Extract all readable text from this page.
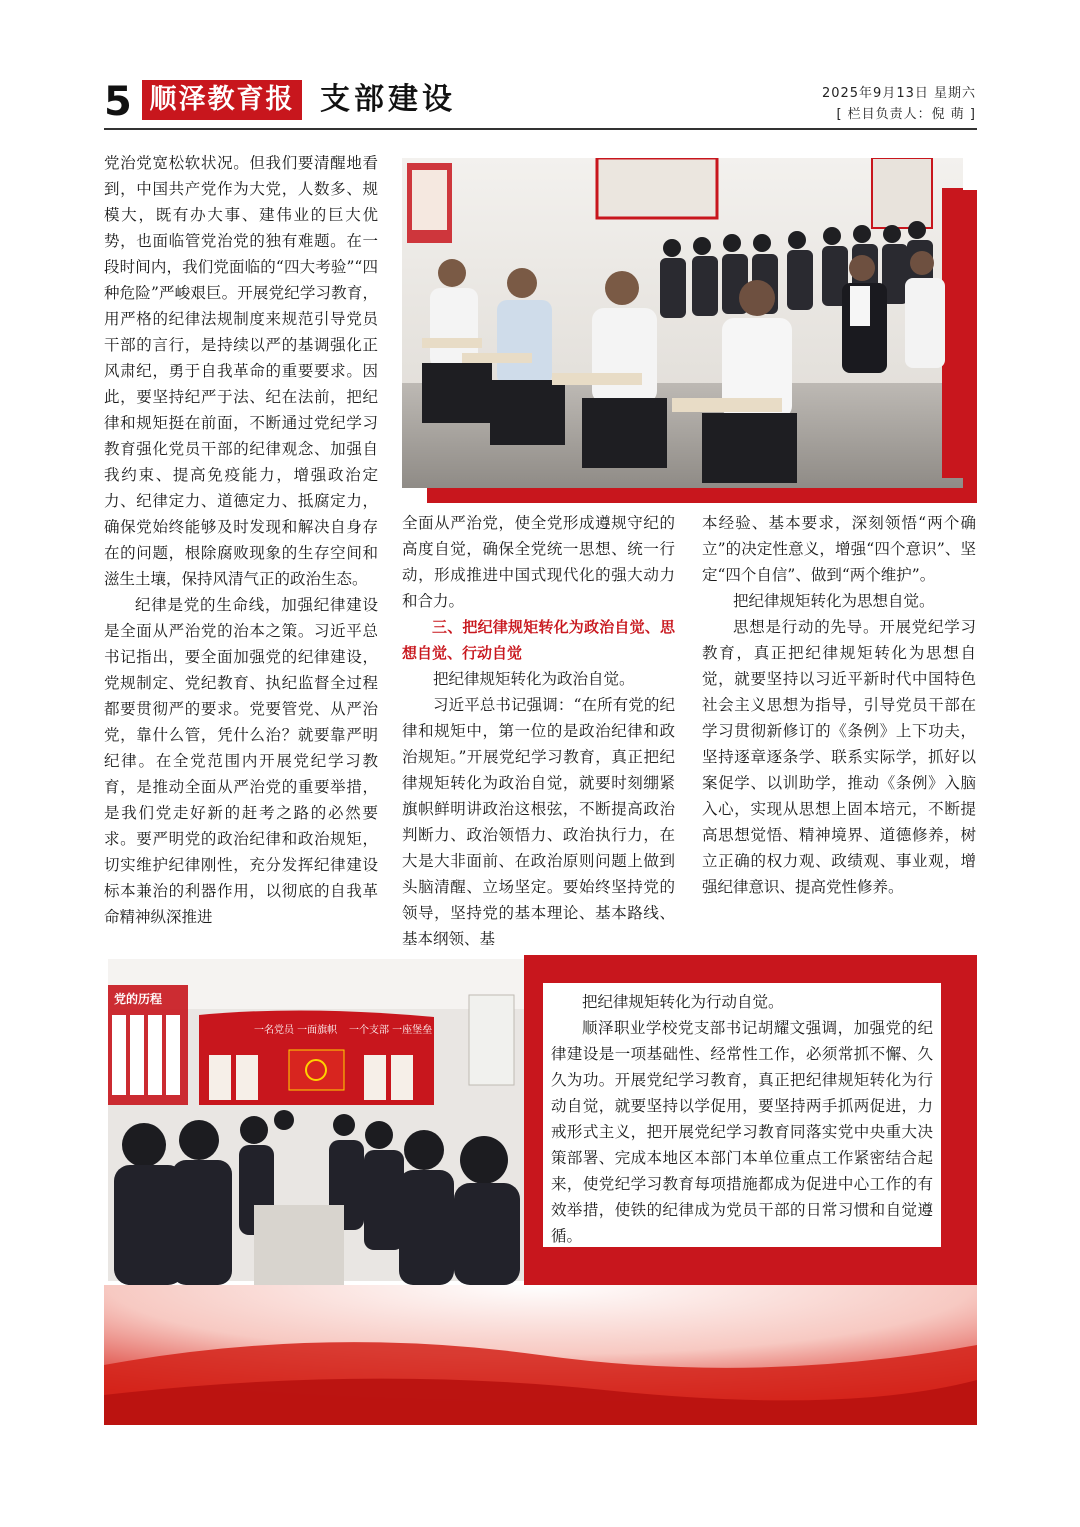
5 顺泽教育报 支部建设	2025年9月13日 星期六
[ 栏目负责人：倪 萌 ]

党治党宽松软状况。但我们要清醒地看到，中国共产党作为大党，人数多、规模大，既有办大事、建伟业的巨大优势，也面临管党治党的独有难题。在一段时间内，我们党面临的“四大考验”“四种危险”严峻艰巨。开展党纪学习教育，用严格的纪律法规制度来规范引导党员干部的言行，是持续以严的基调强化正风肃纪，勇于自我革命的重要要求。因此，要坚持纪严于法、纪在法前，把纪律和规矩挺在前面，不断通过党纪学习教育强化党员干部的纪律观念、加强自我约束、提高免疫能力，增强政治定力、纪律定力、道德定力、抵腐定力，确保党始终能够及时发现和解决自身存在的问题，根除腐败现象的生存空间和滋生土壤，保持风清气正的政治生态。

纪律是党的生命线，加强纪律建设是全面从严治党的治本之策。习近平总书记指出，要全面加强党的纪律建设，党规制定、党纪教育、执纪监督全过程都要贯彻严的要求。党要管党、从严治党，靠什么管，凭什么治？就要靠严明纪律。在全党范围内开展党纪学习教育，是推动全面从严治党的重要举措，是我们党走好新的赶考之路的必然要求。要严明党的政治纪律和政治规矩，切实维护纪律刚性，充分发挥纪律建设标本兼治的利器作用，以彻底的自我革命精神纵深推进

全面从严治党，使全党形成遵规守纪的高度自觉，确保全党统一思想、统一行动，形成推进中国式现代化的强大动力和合力。

三、把纪律规矩转化为政治自觉、思想自觉、行动自觉

把纪律规矩转化为政治自觉。

习近平总书记强调：“在所有党的纪律和规矩中，第一位的是政治纪律和政治规矩。”开展党纪学习教育，真正把纪律规矩转化为政治自觉，就要时刻绷紧旗帜鲜明讲政治这根弦，不断提高政治判断力、政治领悟力、政治执行力，在大是大非面前、在政治原则问题上做到头脑清醒、立场坚定。要始终坚持党的领导，坚持党的基本理论、基本路线、基本纲领、基

本经验、基本要求，深刻领悟“两个确立”的决定性意义，增强“四个意识”、坚定“四个自信”、做到“两个维护”。

把纪律规矩转化为思想自觉。

思想是行动的先导。开展党纪学习教育，真正把纪律规矩转化为思想自觉，就要坚持以习近平新时代中国特色社会主义思想为指导，引导党员干部在学习贯彻新修订的《条例》上下功夫，坚持逐章逐条学、联系实际学，抓好以案促学、以训助学，推动《条例》入脑入心，实现从思想上固本培元，不断提高思想觉悟、精神境界、道德修养，树立正确的权力观、政绩观、事业观，增强纪律意识、提高党性修养。

党的历程
一名党员 一面旗帜 一个支部 一座堡垒

把纪律规矩转化为行动自觉。

顺泽职业学校党支部书记胡耀文强调，加强党的纪律建设是一项基础性、经常性工作，必须常抓不懈、久久为功。开展党纪学习教育，真正把纪律规矩转化为行动自觉，就要坚持以学促用，要坚持两手抓两促进，力戒形式主义，把开展党纪学习教育同落实党中央重大决策部署、完成本地区本部门本单位重点工作紧密结合起来，使党纪学习教育每项措施都成为促进中心工作的有效举措，使铁的纪律成为党员干部的日常习惯和自觉遵循。
